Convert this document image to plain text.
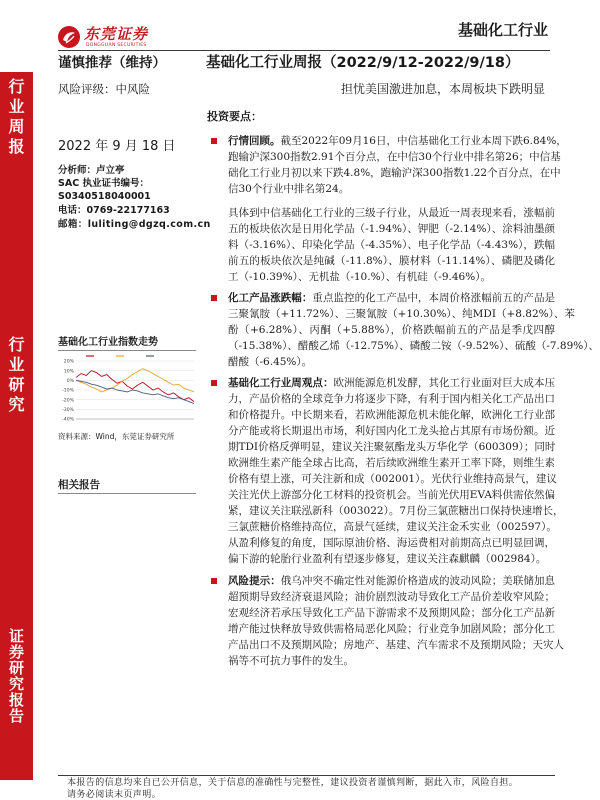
行业周报
行业研究
证券研究报告
东莞证券
DONGGUAN SECURITIES
基础化工行业
谨慎推荐（维持）	基础化工行业周报（2022/9/12-2022/9/18）
风险评级：中风险	担忧美国激进加息，本周板块下跌明显
2022 年 9 月 18 日
分析师：卢立亭
SAC 执业证书编号：
S0340518040001
电话：0769-22177163
邮箱：luliting@dgzq.com.cn
基础化工行业指数走势
20%
10%
0%
-10%
-20%
-30%
-40%
资料来源：Wind，东莞证券研究所
相关报告
投资要点：
行情回顾。截至2022年09月16日，中信基础化工行业本周下跌6.84%，
跑输沪深300指数2.91个百分点，在中信30个行业中排名第26；中信基
础化工行业月初以来下跌4.8%，跑输沪深300指数1.22个百分点，在中
信30个行业中排名第24。
具体到中信基础化工行业的三级子行业，从最近一周表现来看，涨幅前
五的板块依次是日用化学品（-1.94%）、钾肥（-2.14%）、涂料油墨颜
料（-3.16%）、印染化学品（-4.35%）、电子化学品（-4.43%），跌幅
前五的板块依次是纯碱（-11.8%）、膜材料（-11.14%）、磷肥及磷化
工（-10.39%）、无机盐（-10.%）、有机硅（-9.46%）。
化工产品涨跌幅：重点监控的化工产品中，本周价格涨幅前五的产品是
三聚氰胺（+11.72%）、三聚氰胺（+10.30%）、纯MDI（+8.82%）、苯
酚（+6.28%）、丙酮（+5.88%），价格跌幅前五的产品是季戊四醇
（-15.38%）、醋酸乙烯（-12.75%）、磷酸二铵（-9.52%）、硫酸（-7.89%）、
醋酸（-6.45%）。
基础化工行业周观点：欧洲能源危机发酵，其化工行业面对巨大成本压
力，产品价格的全球竞争力将逐步下降，有利于国内相关化工产品出口
和价格提升。中长期来看，若欧洲能源危机未能化解，欧洲化工行业部
分产能或将长期退出市场，利好国内化工龙头抢占其原有市场份额。近
期TDI价格反弹明显，建议关注聚氨酯龙头万华化学（600309）；同时
欧洲维生素产能全球占比高，若后续欧洲维生素开工率下降，则维生素
价格有望上涨，可关注新和成（002001）。光伏行业维持高景气，建议
关注光伏上游部分化工材料的投资机会。当前光伏用EVA料供需依然偏
紧，建议关注联泓新科（003022）。7月份三氯蔗糖出口保持快速增长，
三氯蔗糖价格维持高位，高景气延续，建议关注金禾实业（002597）。
从盈利修复的角度，国际原油价格、海运费相对前期高点已明显回调，
偏下游的轮胎行业盈利有望逐步修复，建议关注森麒麟（002984）。
风险提示：俄乌冲突不确定性对能源价格造成的波动风险；美联储加息
超预期导致经济衰退风险；油价剧烈波动导致化工产品价差收窄风险；
宏观经济若承压导致化工产品下游需求不及预期风险；部分化工产品新
增产能过快释放导致供需格局恶化风险；行业竞争加剧风险；部分化工
产品出口不及预期风险；房地产、基建、汽车需求不及预期风险；天灾人
祸等不可抗力事件的发生。
本报告的信息均来自已公开信息，关于信息的准确性与完整性，建议投资者谨慎判断，据此入市，风险自担。
请务必阅读末页声明。
